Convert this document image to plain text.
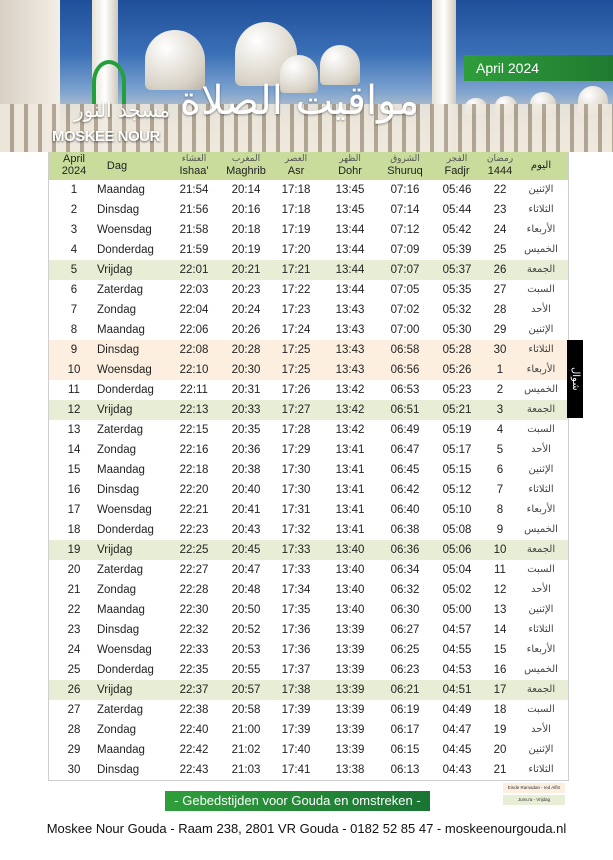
مسجد النور
MOSKEE NOUR
مواقيت الصلاة
April 2024
April
2024	Dag
العشاء
Ishaa'
المغرب
Maghrib
العصر
Asr
الظهر
Dohr
الشروق
Shuruq
الفجر
Fadjr
رمضان
1444	اليوم
1	Maandag	21:54	20:14	17:18	13:45	07:16	05:46	22	الإثنين
2	Dinsdag	21:56	20:16	17:18	13:45	07:14	05:44	23	الثلاثاء
3	Woensdag	21:58	20:18	17:19	13:44	07:12	05:42	24	الأربعاء
4	Donderdag	21:59	20:19	17:20	13:44	07:09	05:39	25	الخميس
5	Vrijdag	22:01	20:21	17:21	13:44	07:07	05:37	26	الجمعة
6	Zaterdag	22:03	20:23	17:22	13:44	07:05	05:35	27	السبت
7	Zondag	22:04	20:24	17:23	13:43	07:02	05:32	28	الأحد
8	Maandag	22:06	20:26	17:24	13:43	07:00	05:30	29	الإثنين
9	Dinsdag	22:08	20:28	17:25	13:43	06:58	05:28	30	الثلاثاء
10	Woensdag	22:10	20:30	17:25	13:43	06:56	05:26	1	الأربعاء
11	Donderdag	22:11	20:31	17:26	13:42	06:53	05:23	2	الخميس
12	Vrijdag	22:13	20:33	17:27	13:42	06:51	05:21	3	الجمعة
13	Zaterdag	22:15	20:35	17:28	13:42	06:49	05:19	4	السبت
14	Zondag	22:16	20:36	17:29	13:41	06:47	05:17	5	الأحد
15	Maandag	22:18	20:38	17:30	13:41	06:45	05:15	6	الإثنين
16	Dinsdag	22:20	20:40	17:30	13:41	06:42	05:12	7	الثلاثاء
17	Woensdag	22:21	20:41	17:31	13:41	06:40	05:10	8	الأربعاء
18	Donderdag	22:23	20:43	17:32	13:41	06:38	05:08	9	الخميس
19	Vrijdag	22:25	20:45	17:33	13:40	06:36	05:06	10	الجمعة
20	Zaterdag	22:27	20:47	17:33	13:40	06:34	05:04	11	السبت
21	Zondag	22:28	20:48	17:34	13:40	06:32	05:02	12	الأحد
22	Maandag	22:30	20:50	17:35	13:40	06:30	05:00	13	الإثنين
23	Dinsdag	22:32	20:52	17:36	13:39	06:27	04:57	14	الثلاثاء
24	Woensdag	22:33	20:53	17:36	13:39	06:25	04:55	15	الأربعاء
25	Donderdag	22:35	20:55	17:37	13:39	06:23	04:53	16	الخميس
26	Vrijdag	22:37	20:57	17:38	13:39	06:21	04:51	17	الجمعة
27	Zaterdag	22:38	20:58	17:39	13:39	06:19	04:49	18	السبت
28	Zondag	22:40	21:00	17:39	13:39	06:17	04:47	19	الأحد
29	Maandag	22:42	21:02	17:40	13:39	06:15	04:45	20	الإثنين
30	Dinsdag	22:43	21:03	17:41	13:38	06:13	04:43	21	الثلاثاء
شوال
- Gebedstijden voor Gouda en omstreken -
Einde Ramadan - Ied Alfitr
Jumu'a - Vrijdag
Moskee Nour Gouda - Raam 238, 2801 VR Gouda - 0182 52 85 47 - moskeenourgouda.nl
